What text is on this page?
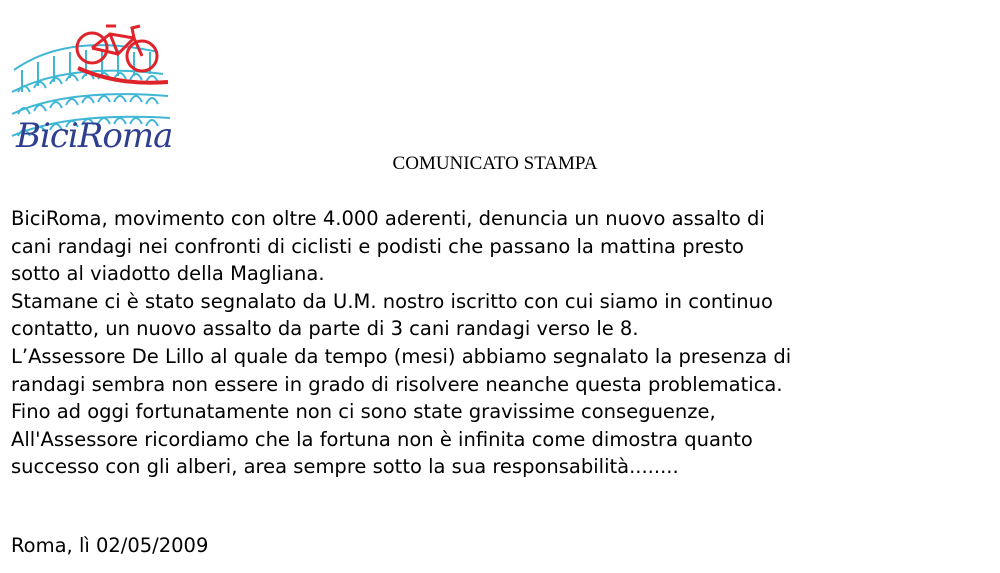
BiciRoma
COMUNICATO STAMPA
BiciRoma, movimento con oltre 4.000 aderenti, denuncia un nuovo assalto di
cani randagi nei confronti di ciclisti e podisti che passano la mattina presto
sotto al viadotto della Magliana.
Stamane ci è stato segnalato da U.M. nostro iscritto con cui siamo in continuo
contatto, un nuovo assalto da parte di 3 cani randagi verso le 8.
L’Assessore De Lillo al quale da tempo (mesi) abbiamo segnalato la presenza di
randagi sembra non essere in grado di risolvere neanche questa problematica.
Fino ad oggi fortunatamente non ci sono state gravissime conseguenze,
All'Assessore ricordiamo che la fortuna non è infinita come dimostra quanto
successo con gli alberi, area sempre sotto la sua responsabilità........
Roma, lì 02/05/2009
